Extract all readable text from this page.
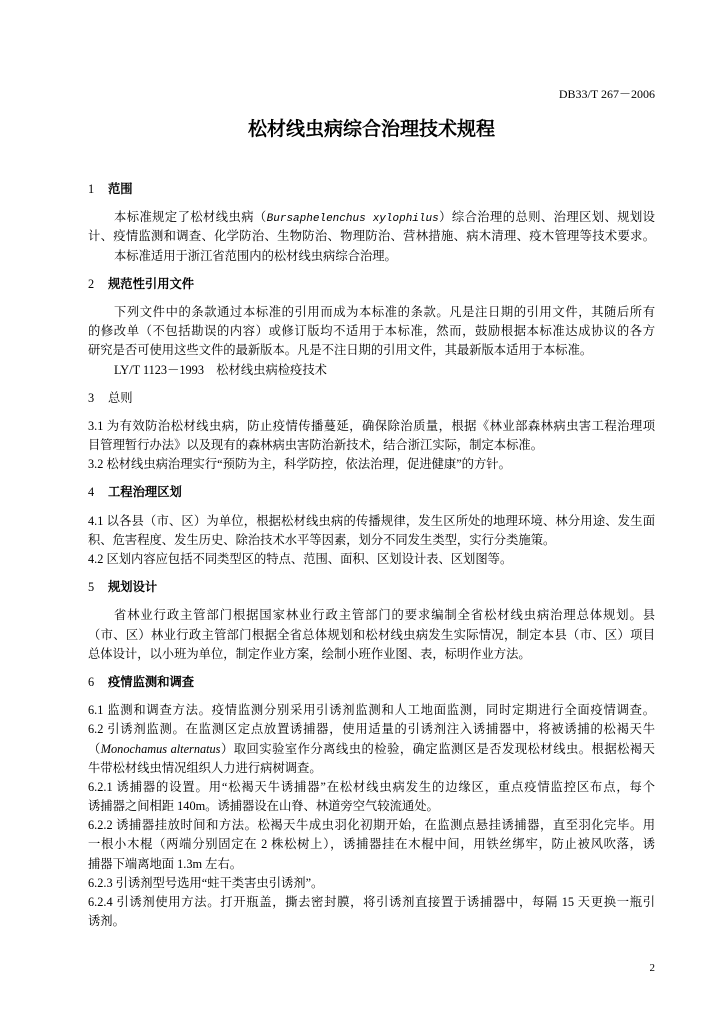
DB33/T 267－2006
松材线虫病综合治理技术规程
1 范围
本标准规定了松材线虫病（Bursaphelenchus xylophilus）综合治理的总则、治理区划、规划设
计、疫情监测和调查、化学防治、生物防治、物理防治、营林措施、病木清理、疫木管理等技术要求。
本标准适用于浙江省范围内的松材线虫病综合治理。
2 规范性引用文件
下列文件中的条款通过本标准的引用而成为本标准的条款。凡是注日期的引用文件，其随后所有
的修改单（不包括勘误的内容）或修订版均不适用于本标准，然而，鼓励根据本标准达成协议的各方
研究是否可使用这些文件的最新版本。凡是不注日期的引用文件，其最新版本适用于本标准。
LY/T 1123－1993　松材线虫病检疫技术
3 总则
3.1 为有效防治松材线虫病，防止疫情传播蔓延，确保除治质量，根据《林业部森林病虫害工程治理项
目管理暂行办法》以及现有的森林病虫害防治新技术，结合浙江实际，制定本标准。
3.2 松材线虫病治理实行“预防为主，科学防控，依法治理，促进健康”的方针。
4 工程治理区划
4.1 以各县（市、区）为单位，根据松材线虫病的传播规律，发生区所处的地理环境、林分用途、发生面
积、危害程度、发生历史、除治技术水平等因素，划分不同发生类型，实行分类施策。
4.2 区划内容应包括不同类型区的特点、范围、面积、区划设计表、区划图等。
5 规划设计
省林业行政主管部门根据国家林业行政主管部门的要求编制全省松材线虫病治理总体规划。县
（市、区）林业行政主管部门根据全省总体规划和松材线虫病发生实际情况，制定本县（市、区）项目
总体设计，以小班为单位，制定作业方案，绘制小班作业图、表，标明作业方法。
6 疫情监测和调查
6.1 监测和调查方法。疫情监测分别采用引诱剂监测和人工地面监测，同时定期进行全面疫情调查。
6.2 引诱剂监测。在监测区定点放置诱捕器，使用适量的引诱剂注入诱捕器中，将被诱捕的松褐天牛
（Monochamus alternatus）取回实验室作分离线虫的检验，确定监测区是否发现松材线虫。根据松褐天
牛带松材线虫情况组织人力进行病树调查。
6.2.1 诱捕器的设置。用“松褐天牛诱捕器”在松材线虫病发生的边缘区，重点疫情监控区布点，每个
诱捕器之间相距 140m。诱捕器设在山脊、林道旁空气较流通处。
6.2.2 诱捕器挂放时间和方法。松褐天牛成虫羽化初期开始，在监测点悬挂诱捕器，直至羽化完毕。用
一根小木棍（两端分别固定在 2 株松树上），诱捕器挂在木棍中间，用铁丝绑牢，防止被风吹落，诱
捕器下端离地面 1.3m 左右。
6.2.3 引诱剂型号选用“蛀干类害虫引诱剂”。
6.2.4 引诱剂使用方法。打开瓶盖，撕去密封膜，将引诱剂直接置于诱捕器中，每隔 15 天更换一瓶引
诱剂。
2
